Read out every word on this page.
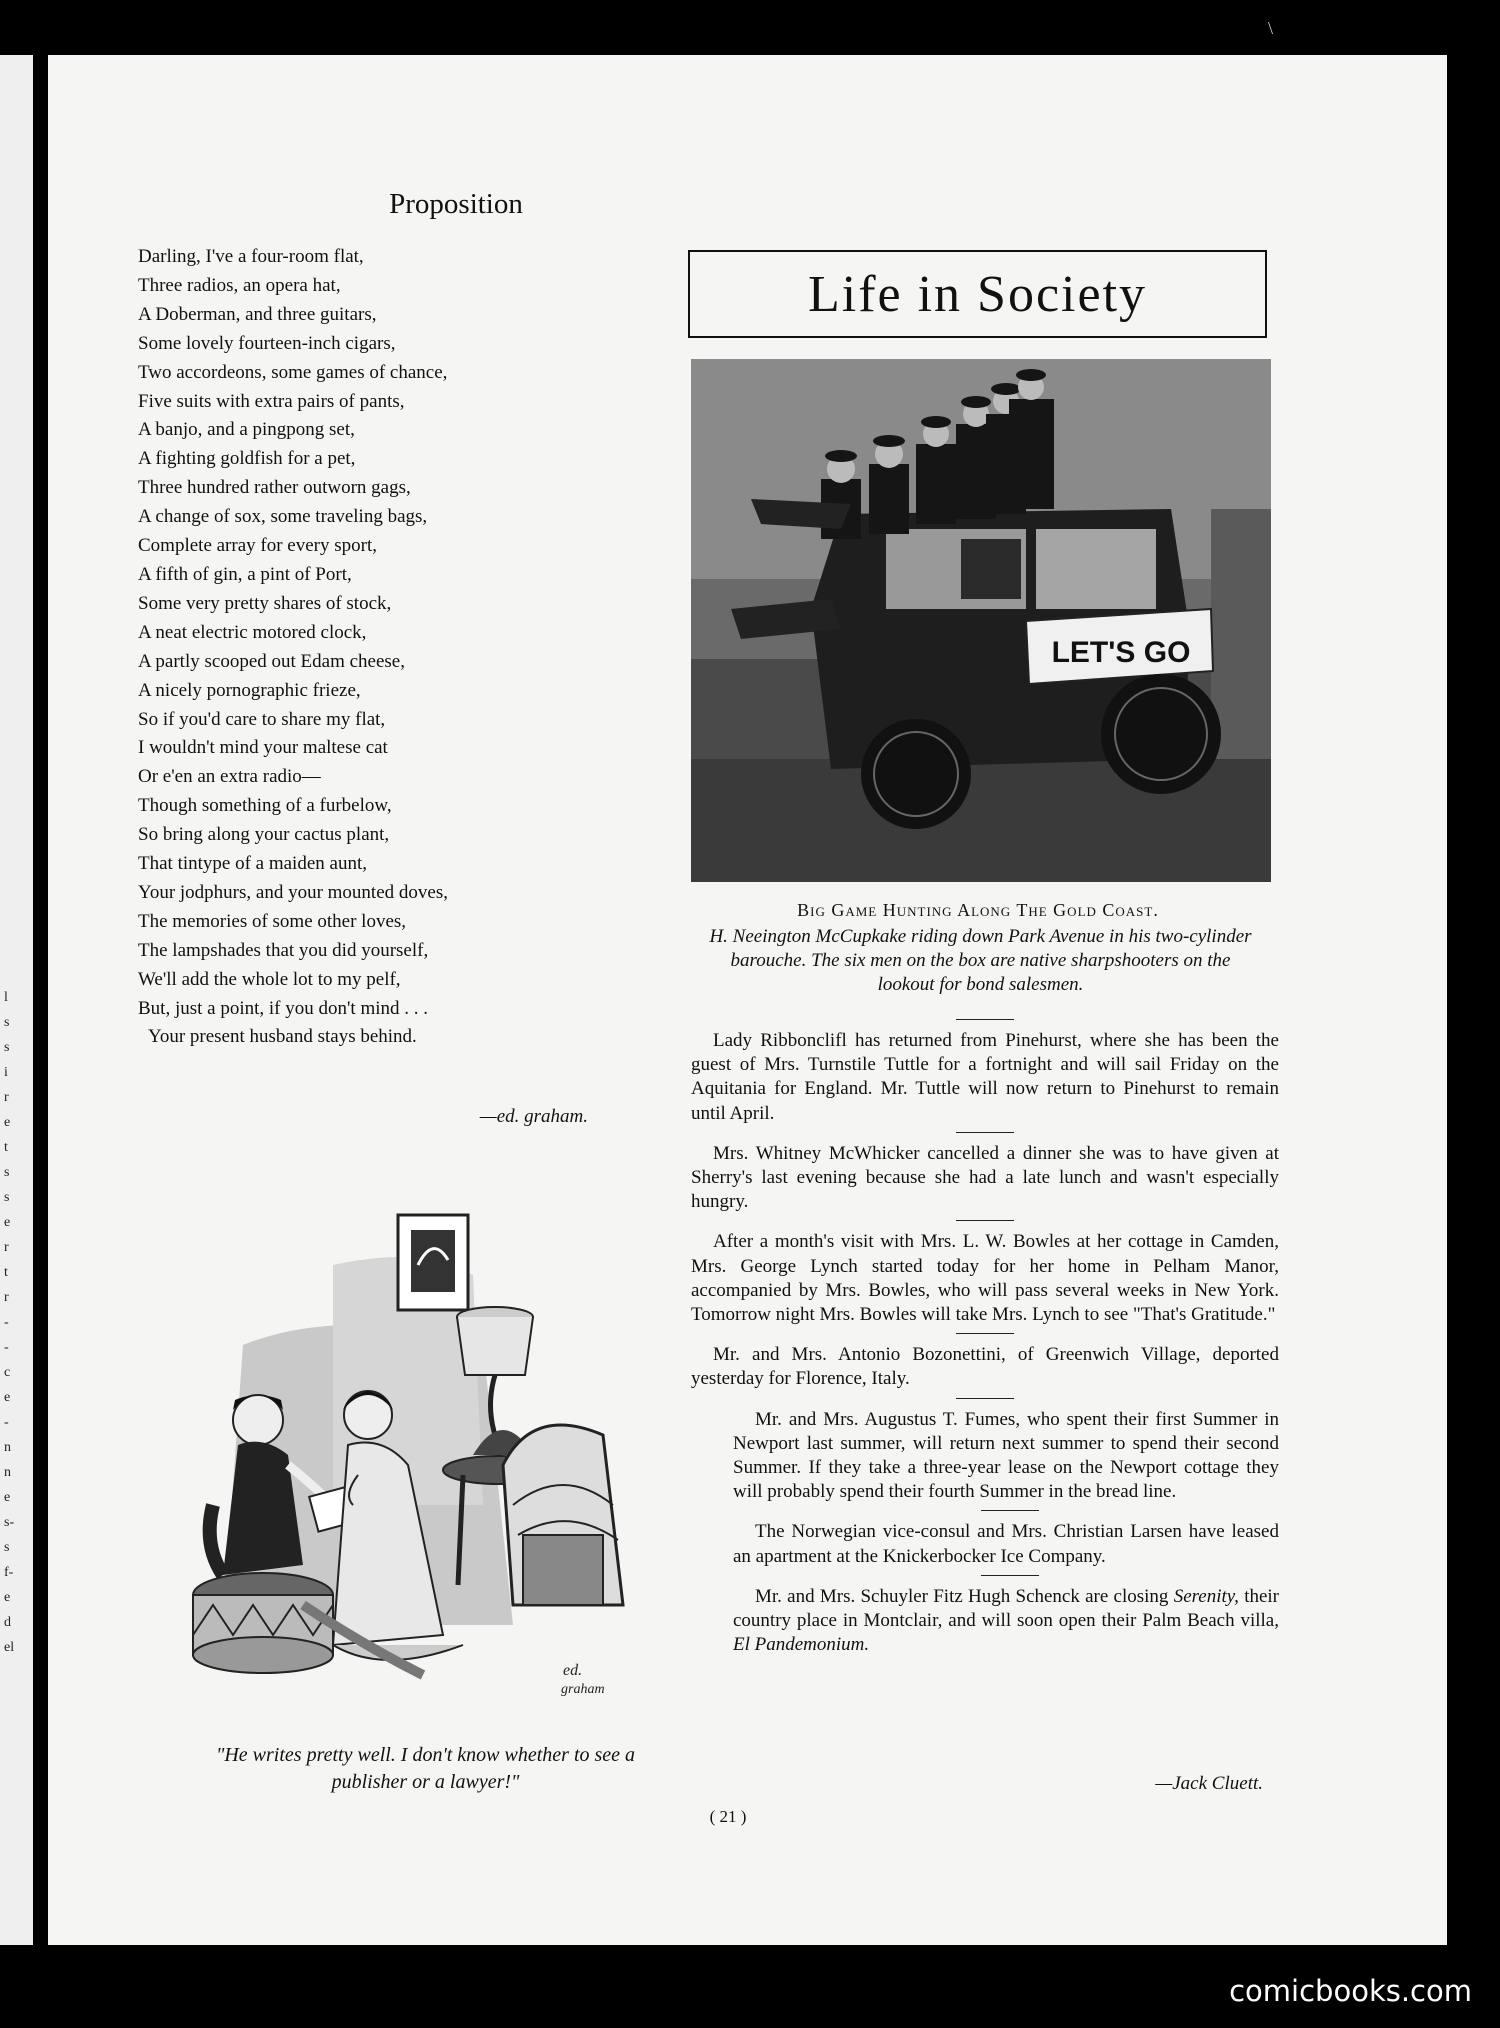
l
s
s
i
r
e
t
s
s
e
r
t
r
-
-
c
e
-
n
n
e
s-
s
f-
e
d
el
\
Proposition
Darling, I've a four-room flat,
Three radios, an opera hat,
A Doberman, and three guitars,
Some lovely fourteen-inch cigars,
Two accordeons, some games of chance,
Five suits with extra pairs of pants,
A banjo, and a pingpong set,
A fighting goldfish for a pet,
Three hundred rather outworn gags,
A change of sox, some traveling bags,
Complete array for every sport,
A fifth of gin, a pint of Port,
Some very pretty shares of stock,
A neat electric motored clock,
A partly scooped out Edam cheese,
A nicely pornographic frieze,
So if you'd care to share my flat,
I wouldn't mind your maltese cat
Or e'en an extra radio—
Though something of a furbelow,
So bring along your cactus plant,
That tintype of a maiden aunt,
Your jodphurs, and your mounted doves,
The memories of some other loves,
The lampshades that you did yourself,
We'll add the whole lot to my pelf,
But, just a point, if you don't mind . . .
Your present husband stays behind.
—ed. graham.
ed.
graham
"He writes pretty well. I don't know whether to see a
publisher or a lawyer!"
Life in Society
LET'S GO
Big Game Hunting Along The Gold Coast.
H. Neeington McCupkake riding down Park Avenue in his two-cylinder barouche. The six men on the box are native sharpshooters on the lookout for bond salesmen.

Lady Ribbonclifl has returned from Pinehurst, where she has been the guest of Mrs. Turnstile Tuttle for a fortnight and will sail Friday on the Aquitania for England. Mr. Tuttle will now return to Pinehurst to remain until April.

Mrs. Whitney McWhicker cancelled a dinner she was to have given at Sherry's last evening because she had a late lunch and wasn't especially hungry.

After a month's visit with Mrs. L. W. Bowles at her cottage in Camden, Mrs. George Lynch started today for her home in Pelham Manor, accompanied by Mrs. Bowles, who will pass several weeks in New York. Tomorrow night Mrs. Bowles will take Mrs. Lynch to see "That's Gratitude."

Mr. and Mrs. Antonio Bozonettini, of Greenwich Village, deported yesterday for Florence, Italy.

Mr. and Mrs. Augustus T. Fumes, who spent their first Summer in Newport last summer, will return next summer to spend their second Summer. If they take a three-year lease on the Newport cottage they will probably spend their fourth Summer in the bread line.

The Norwegian vice-consul and Mrs. Christian Larsen have leased an apartment at the Knickerbocker Ice Company.

Mr. and Mrs. Schuyler Fitz Hugh Schenck are closing Serenity, their country place in Montclair, and will soon open their Palm Beach villa, El Pandemonium.

—Jack Cluett.
( 21 )
comicbooks.com
